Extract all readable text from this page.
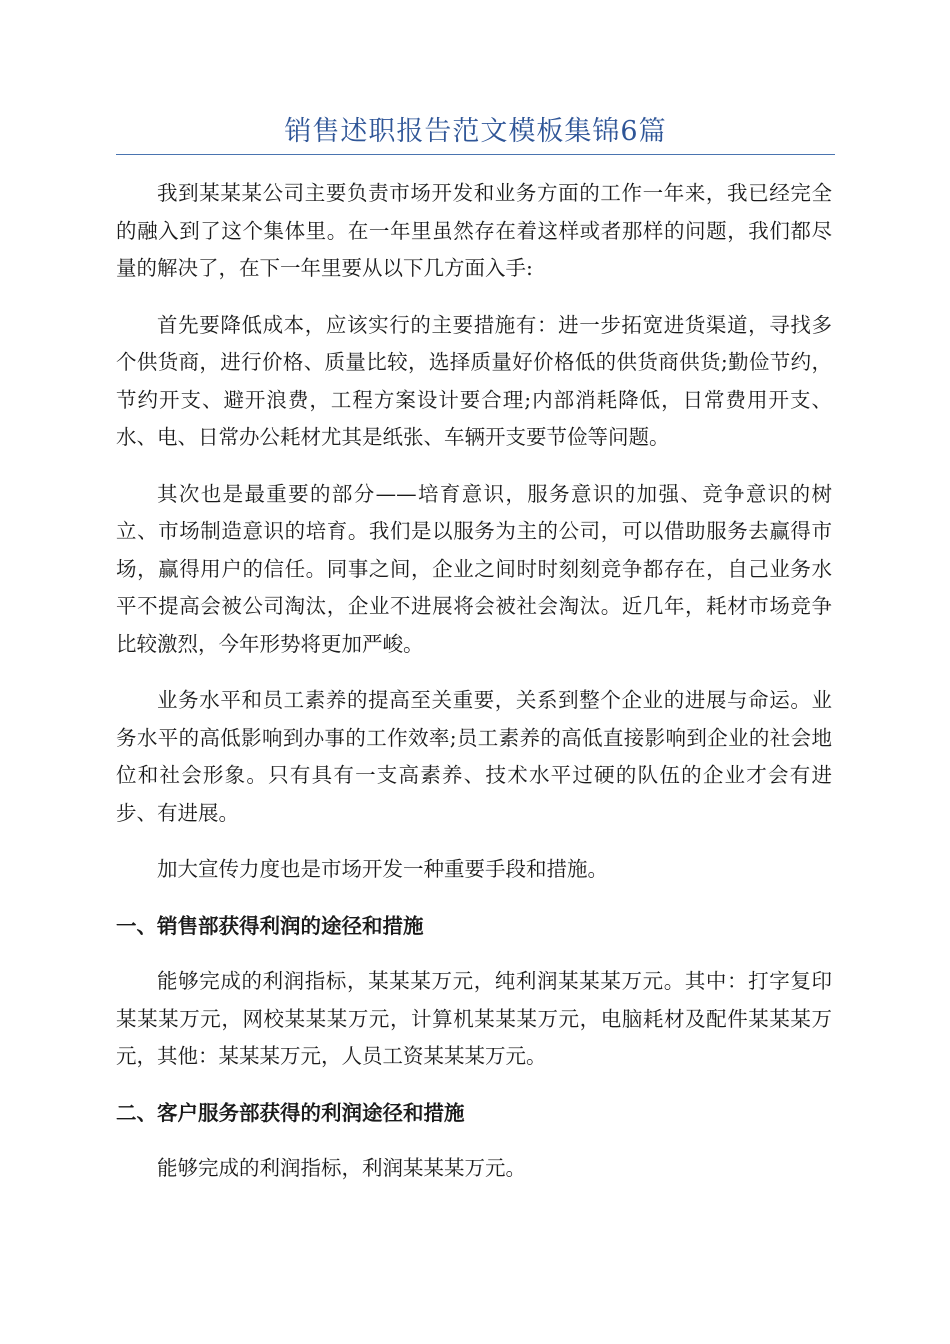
销售述职报告范文模板集锦6篇

我到某某某公司主要负责市场开发和业务方面的工作一年来，我已经完全的融入到了这个集体里。在一年里虽然存在着这样或者那样的问题，我们都尽量的解决了，在下一年里要从以下几方面入手:

首先要降低成本，应该实行的主要措施有：进一步拓宽进货渠道，寻找多个供货商，进行价格、质量比较，选择质量好价格低的供货商供货;勤俭节约，节约开支、避开浪费，工程方案设计要合理;内部消耗降低，日常费用开支、水、电、日常办公耗材尤其是纸张、车辆开支要节俭等问题。

其次也是最重要的部分——培育意识，服务意识的加强、竞争意识的树立、市场制造意识的培育。我们是以服务为主的公司，可以借助服务去赢得市场，赢得用户的信任。同事之间，企业之间时时刻刻竞争都存在，自己业务水平不提高会被公司淘汰，企业不进展将会被社会淘汰。近几年，耗材市场竞争比较激烈，今年形势将更加严峻。

业务水平和员工素养的提高至关重要，关系到整个企业的进展与命运。业务水平的高低影响到办事的工作效率;员工素养的高低直接影响到企业的社会地位和社会形象。只有具有一支高素养、技术水平过硬的队伍的企业才会有进步、有进展。

加大宣传力度也是市场开发一种重要手段和措施。

一、销售部获得利润的途径和措施

能够完成的利润指标，某某某万元，纯利润某某某万元。其中：打字复印某某某万元，网校某某某万元，计算机某某某万元，电脑耗材及配件某某某万元，其他：某某某万元，人员工资某某某万元。

二、客户服务部获得的利润途径和措施

能够完成的利润指标，利润某某某万元。
